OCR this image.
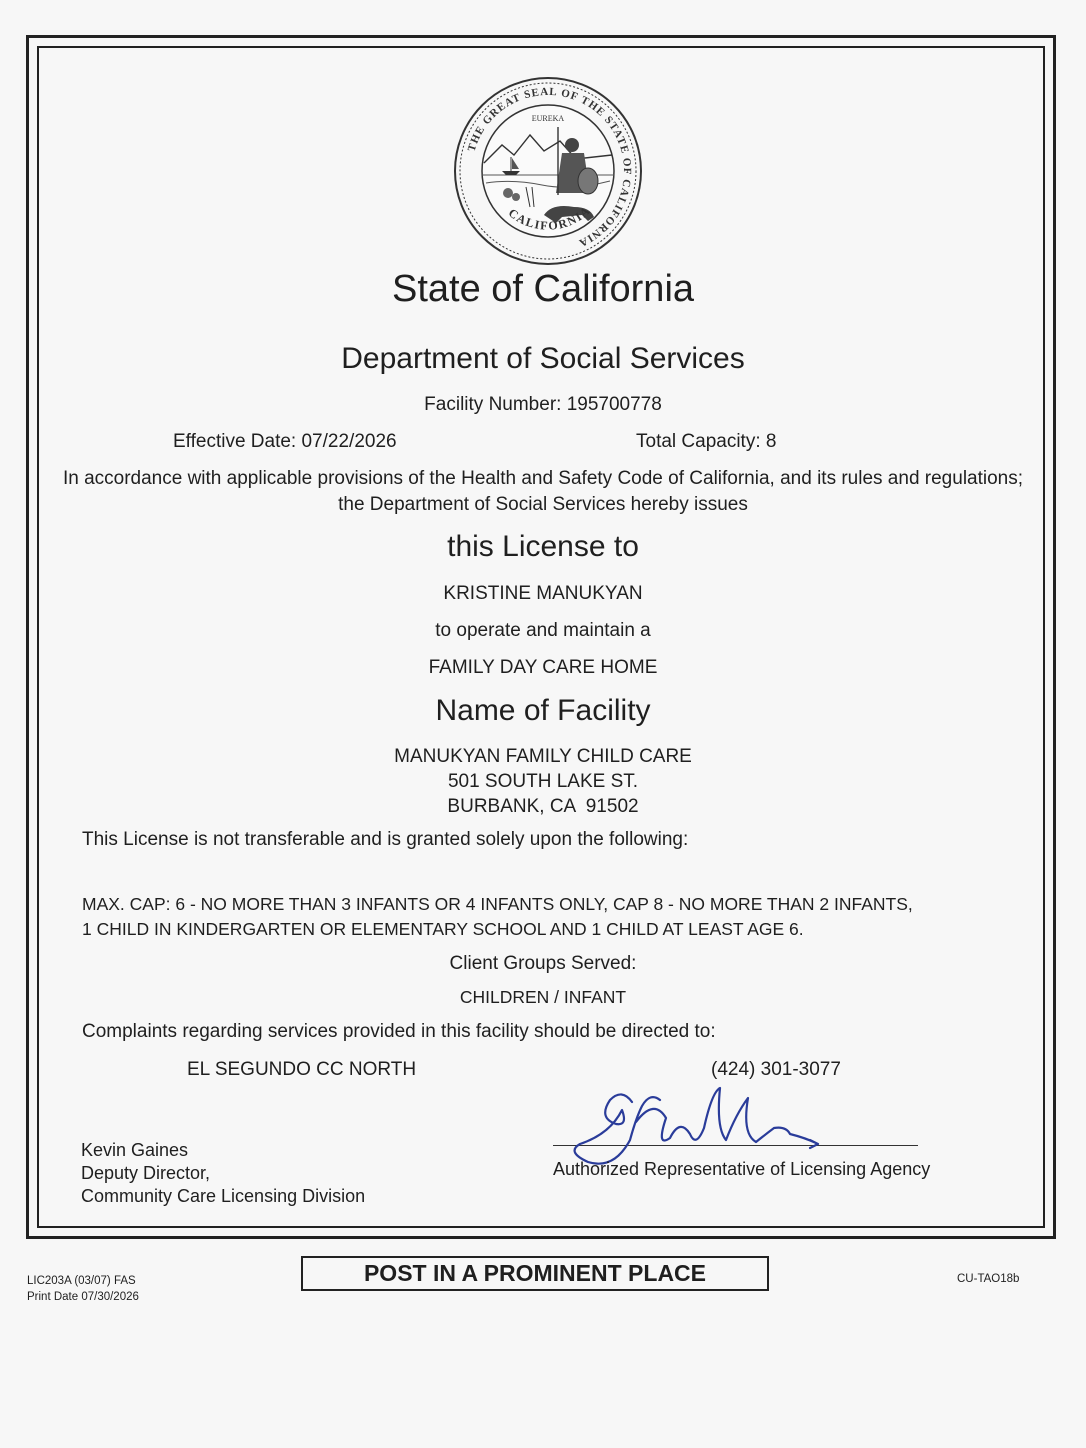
THE GREAT SEAL OF THE STATE OF CALIFORNIA
EUREKA
CALIFORNIA
State of California
Department of Social Services
Facility Number: 195700778
Effective Date: 07/22/2026	Total Capacity: 8
In accordance with applicable provisions of the Health and Safety Code of California, and its rules and regulations; the Department of Social Services hereby issues
this License to
KRISTINE MANUKYAN
to operate and maintain a
FAMILY DAY CARE HOME
Name of Facility
MANUKYAN FAMILY CHILD CARE
501 SOUTH LAKE ST.
BURBANK, CA  91502
This License is not transferable and is granted solely upon the following:
MAX. CAP: 6 - NO MORE THAN 3 INFANTS OR 4 INFANTS ONLY, CAP 8 - NO MORE THAN 2 INFANTS,
1 CHILD IN KINDERGARTEN OR ELEMENTARY SCHOOL AND 1 CHILD AT LEAST AGE 6.
Client Groups Served:
CHILDREN / INFANT
Complaints regarding services provided in this facility should be directed to:
EL SEGUNDO CC NORTH	(424) 301-3077
Kevin Gaines
Deputy Director,
Community Care Licensing Division
Authorized Representative of Licensing Agency
POST IN A PROMINENT PLACE
LIC203A (03/07) FAS
Print Date 07/30/2026
CU-TAO18b
